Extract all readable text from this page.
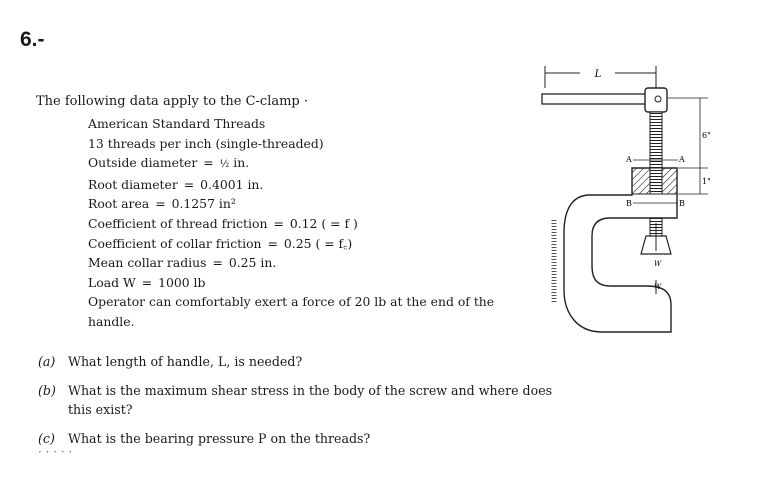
6.-

The following data apply to the C-clamp ·

American Standard Threads
13 threads per inch (single-threaded)
Outside diameter = ½ in.
Root diameter = 0.4001 in.
Root area = 0.1257 in²
Coefficient of thread friction = 0.12 ( = f )
Coefficient of collar friction = 0.25 ( = f꜀)
Mean collar radius = 0.25 in.
Load W = 1000 lb
Operator can comfortably exert a force of 20 lb at the end of the handle.
(a) What length of handle, L, is needed?
(b) What is the maximum shear stress in the body of the screw and where does this exist?
(c) What is the bearing pressure P on the threads?
· · · · ·
L
A	A
B	B
W
W
6"
1"
